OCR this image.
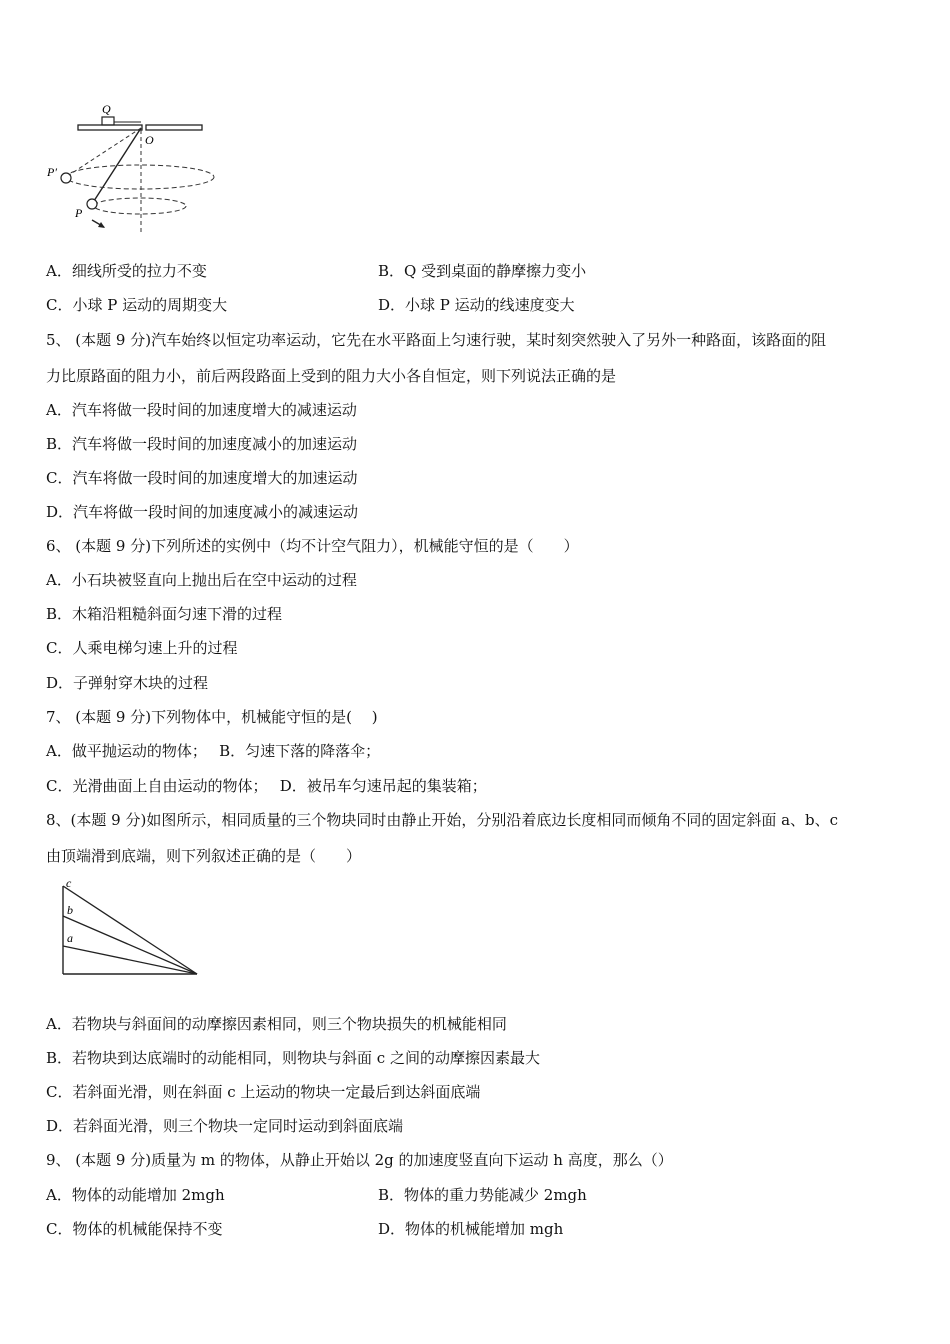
Q
O
P′
P
A．细线所受的拉力不变	B．Q 受到桌面的静摩擦力变小
C．小球 P 运动的周期变大	D．小球 P 运动的线速度变大
5、 (本题 9 分)汽车始终以恒定功率运动，它先在水平路面上匀速行驶，某时刻突然驶入了另外一种路面，该路面的阻
力比原路面的阻力小，前后两段路面上受到的阻力大小各自恒定，则下列说法正确的是
A．汽车将做一段时间的加速度增大的减速运动
B．汽车将做一段时间的加速度减小的加速运动
C．汽车将做一段时间的加速度增大的加速运动
D．汽车将做一段时间的加速度减小的减速运动
6、 (本题 9 分)下列所述的实例中（均不计空气阻力），机械能守恒的是（　　）
A．小石块被竖直向上抛出后在空中运动的过程
B．木箱沿粗糙斜面匀速下滑的过程
C．人乘电梯匀速上升的过程
D．子弹射穿木块的过程
7、 (本题 9 分)下列物体中，机械能守恒的是(　 )
A．做平抛运动的物体；　 B．匀速下落的降落伞；
C．光滑曲面上自由运动的物体；　 D．被吊车匀速吊起的集装箱；
8、(本题 9 分)如图所示，相同质量的三个物块同时由静止开始，分别沿着底边长度相同而倾角不同的固定斜面 a、b、c
由顶端滑到底端，则下列叙述正确的是（　　）
c
b
a
A．若物块与斜面间的动摩擦因素相同，则三个物块损失的机械能相同
B．若物块到达底端时的动能相同，则物块与斜面 c 之间的动摩擦因素最大
C．若斜面光滑，则在斜面 c 上运动的物块一定最后到达斜面底端
D．若斜面光滑，则三个物块一定同时运动到斜面底端
9、 (本题 9 分)质量为 m 的物体，从静止开始以 2g 的加速度竖直向下运动 h 高度，那么（）
A．物体的动能增加 2mgh	B．物体的重力势能减少 2mgh
C．物体的机械能保持不变	D．物体的机械能增加 mgh
